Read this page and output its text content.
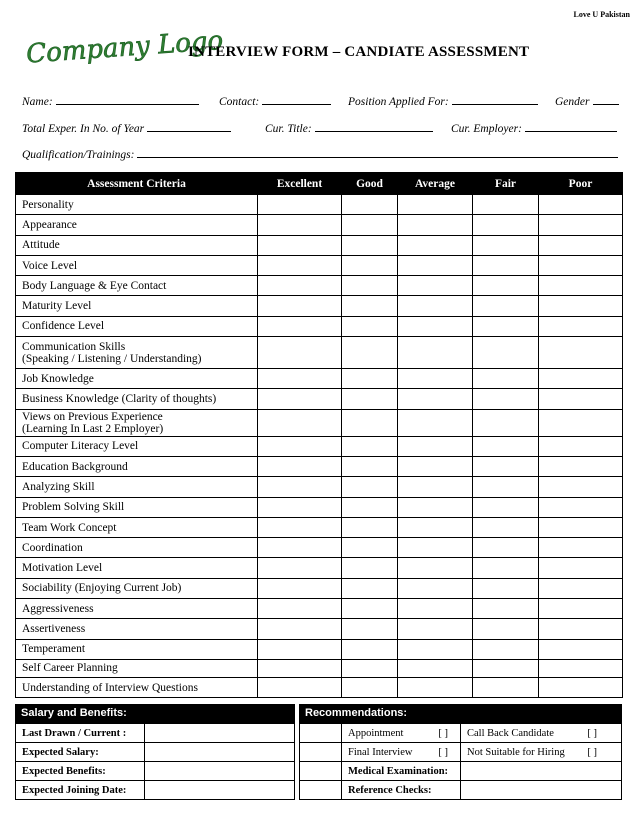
Love U Pakistan
Company Logo
INTERVIEW FORM – CANDIATE ASSESSMENT
Name:	Contact:	Position Applied For:	Gender
Total Exper. In No. of Year	Cur. Title:	Cur. Employer:
Qualification/Trainings:
Assessment Criteria	Excellent	Good	Average	Fair	Poor

Personality					

Appearance					

Attitude					

Voice Level					

Body Language & Eye Contact					

Maturity Level					

Confidence Level					

Communication Skills
(Speaking / Listening / Understanding)					

Job Knowledge					

Business Knowledge (Clarity of thoughts)					

Views on Previous Experience
(Learning In Last 2 Employer)					

Computer Literacy Level					

Education Background					

Analyzing Skill					

Problem Solving Skill					

Team Work Concept					

Coordination					

Motivation Level					

Sociability (Enjoying Current Job)					

Aggressiveness					

Assertiveness					

Temperament					

Self Career Planning					

Understanding of Interview Questions					

Salary and Benefits:
Last Drawn / Current :	
Expected Salary:	
Expected Benefits:	
Expected Joining Date:	
Recommendations:
	Appointment [ ]	Call Back Candidate [ ]

	Final Interview [ ]	Not Suitable for Hiring [ ]

	Medical Examination:	
	Reference Checks:	
